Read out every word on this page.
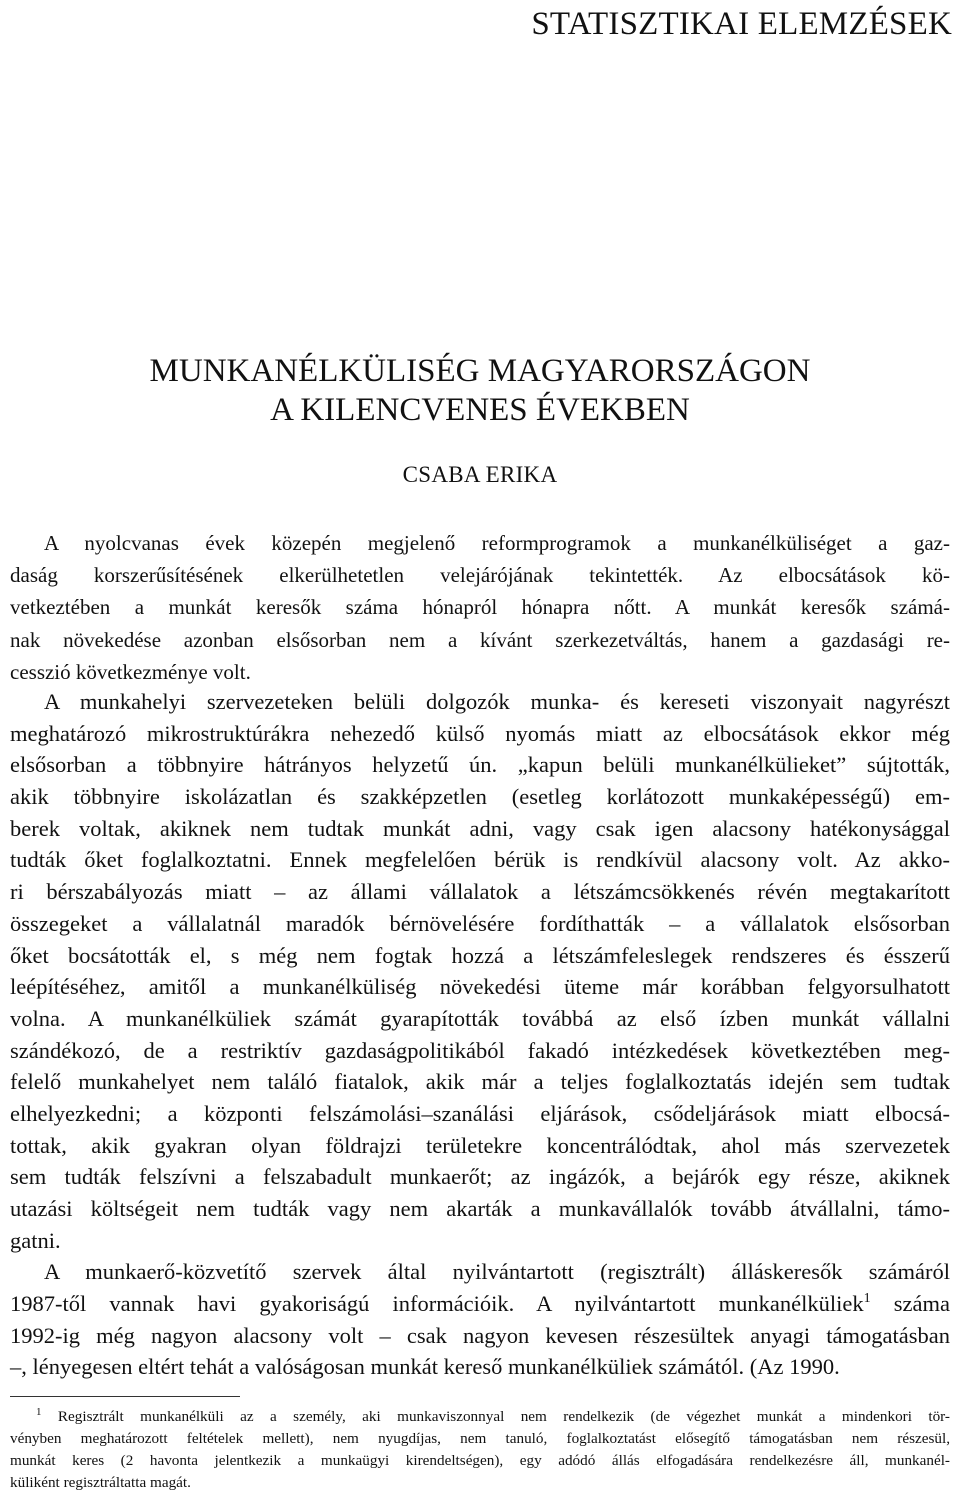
STATISZTIKAI ELEMZÉSEK
MUNKANÉLKÜLISÉG MAGYARORSZÁGON
A KILENCVENES ÉVEKBEN
CSABA ERIKA
A nyolcvanas évek közepén megjelenő reformprogramok a munkanélküliséget a gaz-
daság korszerűsítésének elkerülhetetlen velejárójának tekintették. Az elbocsátások kö-
vetkeztében a munkát keresők száma hónapról hónapra nőtt. A munkát keresők számá-
nak növekedése azonban elsősorban nem a kívánt szerkezetváltás, hanem a gazdasági re-
cesszió következménye volt.
A munkahelyi szervezeteken belüli dolgozók munka- és kereseti viszonyait nagyrészt
meghatározó mikrostruktúrákra nehezedő külső nyomás miatt az elbocsátások ekkor még
elsősorban a többnyire hátrányos helyzetű ún. „kapun belüli munkanélkülieket” sújtották,
akik többnyire iskolázatlan és szakképzetlen (esetleg korlátozott munkaképességű) em-
berek voltak, akiknek nem tudtak munkát adni, vagy csak igen alacsony hatékonysággal
tudták őket foglalkoztatni. Ennek megfelelően bérük is rendkívül alacsony volt. Az akko-
ri bérszabályozás miatt – az állami vállalatok a létszámcsökkenés révén megtakarított
összegeket a vállalatnál maradók bérnövelésére fordíthatták – a vállalatok elsősorban
őket bocsátották el, s még nem fogtak hozzá a létszámfeleslegek rendszeres és ésszerű
leépítéséhez, amitől a munkanélküliség növekedési üteme már korábban felgyorsulhatott
volna. A munkanélküliek számát gyarapították továbbá az első ízben munkát vállalni
szándékozó, de a restriktív gazdaságpolitikából fakadó intézkedések következtében meg-
felelő munkahelyet nem találó fiatalok, akik már a teljes foglalkoztatás idején sem tudtak
elhelyezkedni; a központi felszámolási–szanálási eljárások, csődeljárások miatt elbocsá-
tottak, akik gyakran olyan földrajzi területekre koncentrálódtak, ahol más szervezetek
sem tudták felszívni a felszabadult munkaerőt; az ingázók, a bejárók egy része, akiknek
utazási költségeit nem tudták vagy nem akarták a munkavállalók tovább átvállalni, támo-
gatni.
A munkaerő-közvetítő szervek által nyilvántartott (regisztrált) álláskeresők számáról
1987-től vannak havi gyakoriságú információik. A nyilvántartott munkanélküliek$^1$ száma
1992-ig még nagyon alacsony volt – csak nagyon kevesen részesültek anyagi támogatásban
–, lényegesen eltért tehát a valóságosan munkát kereső munkanélküliek számától. (Az 1990.
$^1$ Regisztrált munkanélküli az a személy, aki munkaviszonnyal nem rendelkezik (de végezhet munkát a mindenkori tör-
vényben meghatározott feltételek mellett), nem nyugdíjas, nem tanuló, foglalkoztatást elősegítő támogatásban nem részesül,
munkát keres (2 havonta jelentkezik a munkaügyi kirendeltségen), egy adódó állás elfogadására rendelkezésre áll, munkanél-
küliként regisztráltatta magát.
